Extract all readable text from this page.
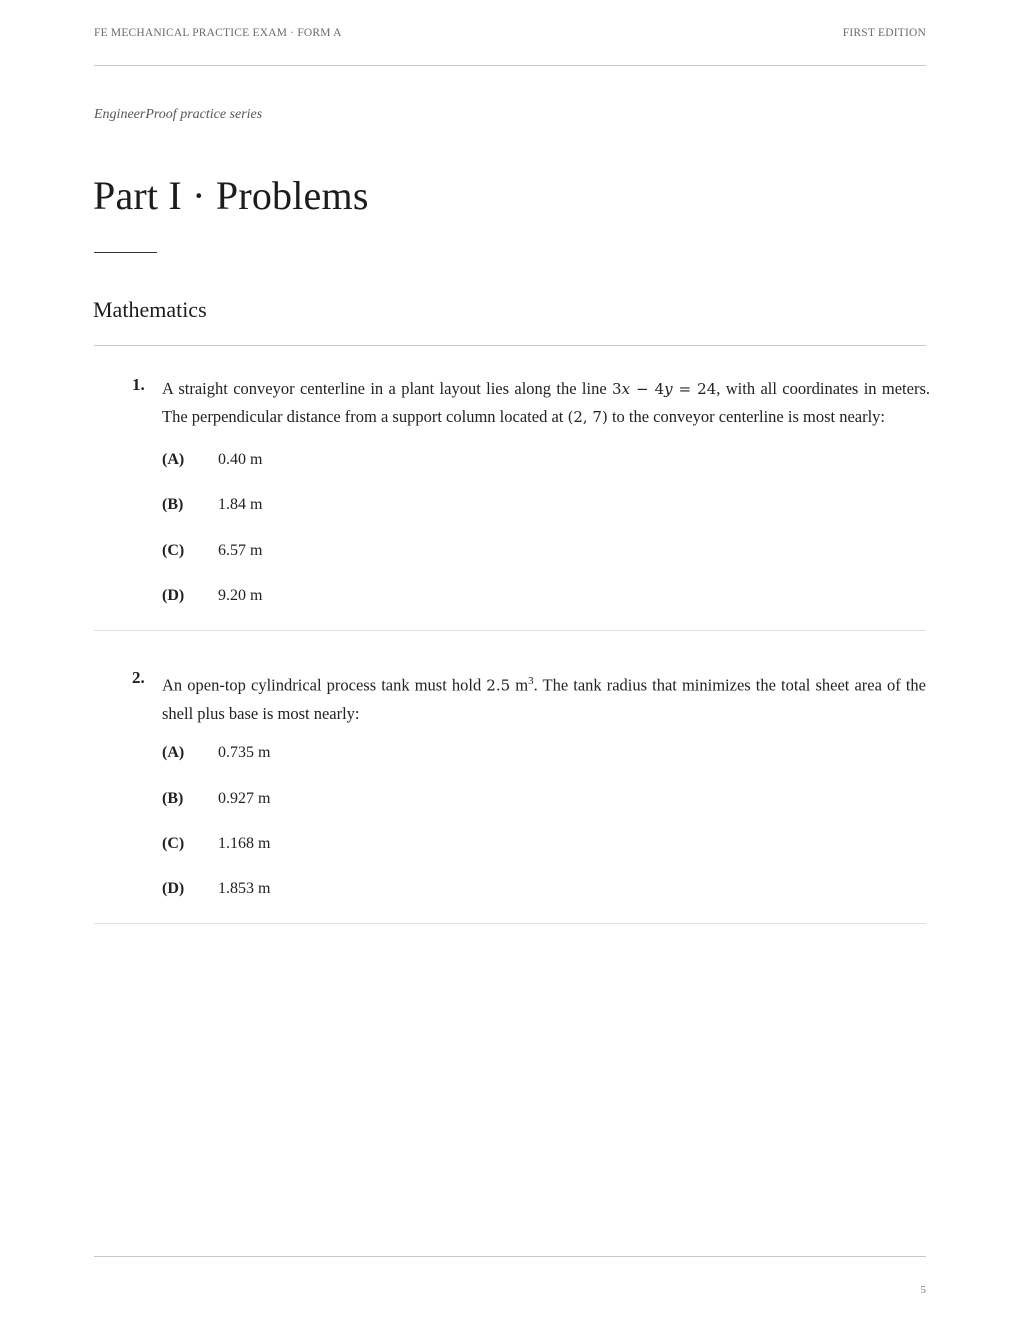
FE MECHANICAL PRACTICE EXAM · FORM A	FIRST EDITION
EngineerProof practice series
Part I · Problems
Mathematics
1. A straight conveyor centerline in a plant layout lies along the line 3x − 4y = 24, with all coordinates in meters. The perpendicular distance from a support column located at (2, 7) to the conveyor centerline is most nearly:
(A) 0.40 m
(B) 1.84 m
(C) 6.57 m
(D) 9.20 m
2. An open-top cylindrical process tank must hold 2.5 $m^3$. The tank radius that minimizes the total sheet area of the shell plus base is most nearly:
(A) 0.735 m
(B) 0.927 m
(C) 1.168 m
(D) 1.853 m
5
